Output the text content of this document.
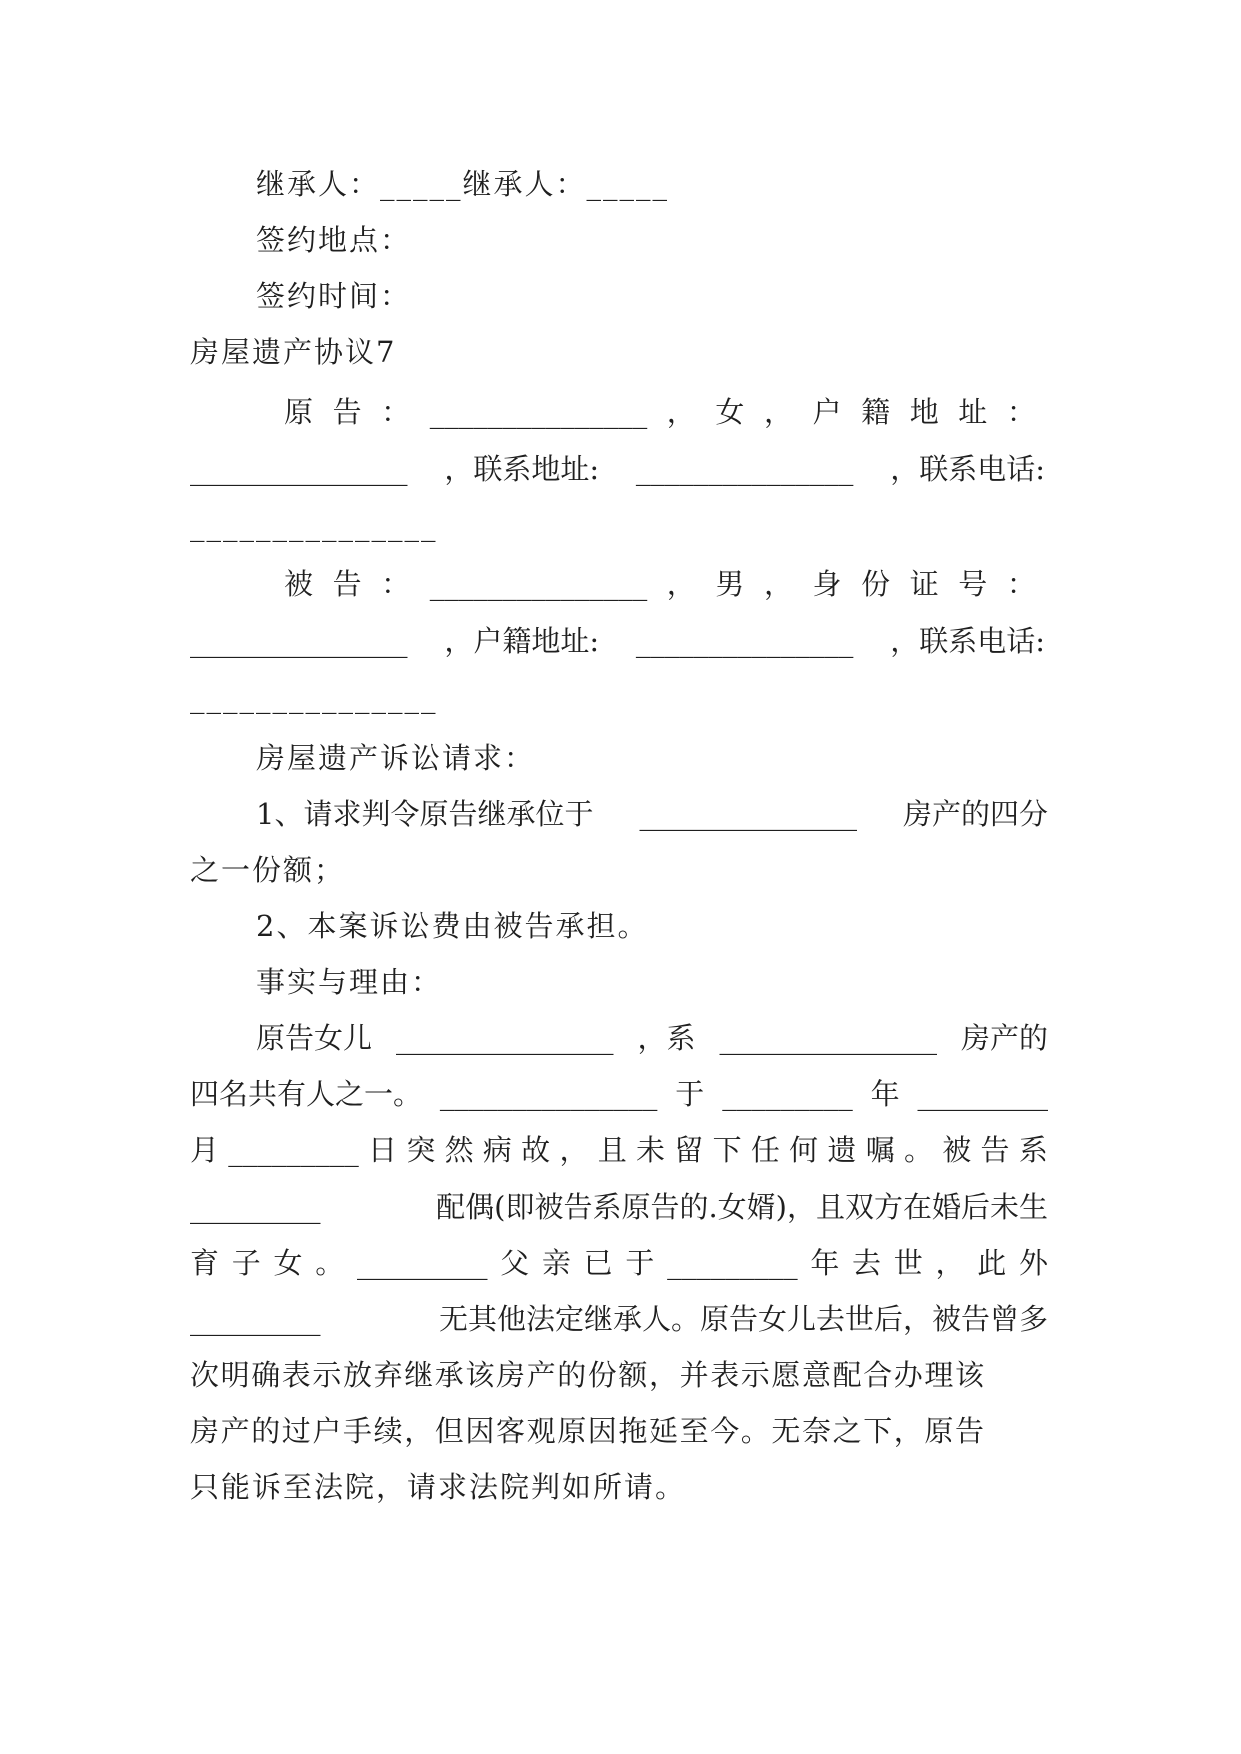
继承人：_____继承人：_____
签约地点：
签约时间：
房屋遗产协议7
原 告 ： _______________ ， 女 ， 户 籍 地 址 ：
_______________ ，联系地址: _______________ ，联系电话:
_______________
被 告 ： _______________ ， 男 ， 身 份 证 号 ：
_______________ ，户籍地址: _______________ ，联系电话:
_______________
房屋遗产诉讼请求：
1、请求判令原告继承位于 _______________ 房产的四分
之一份额；
2、本案诉讼费由被告承担。
事实与理由：
原告女儿 _______________ ，系 _______________ 房产的
四名共有人之一。 _______________ 于 _________ 年 _________
月 _________ 日 突 然 病 故 ， 且 未 留 下 任 何 遗 嘱 。 被 告 系
_________	配偶(即被告系原告的.女婿)，且双方在婚后未生
育 子 女 。 _________ 父 亲 已 于 _________ 年 去 世 ， 此 外
_________	无其他法定继承人。原告女儿去世后，被告曾多
次明确表示放弃继承该房产的份额，并表示愿意配合办理该
房产的过户手续，但因客观原因拖延至今。无奈之下，原告
只能诉至法院，请求法院判如所请。
